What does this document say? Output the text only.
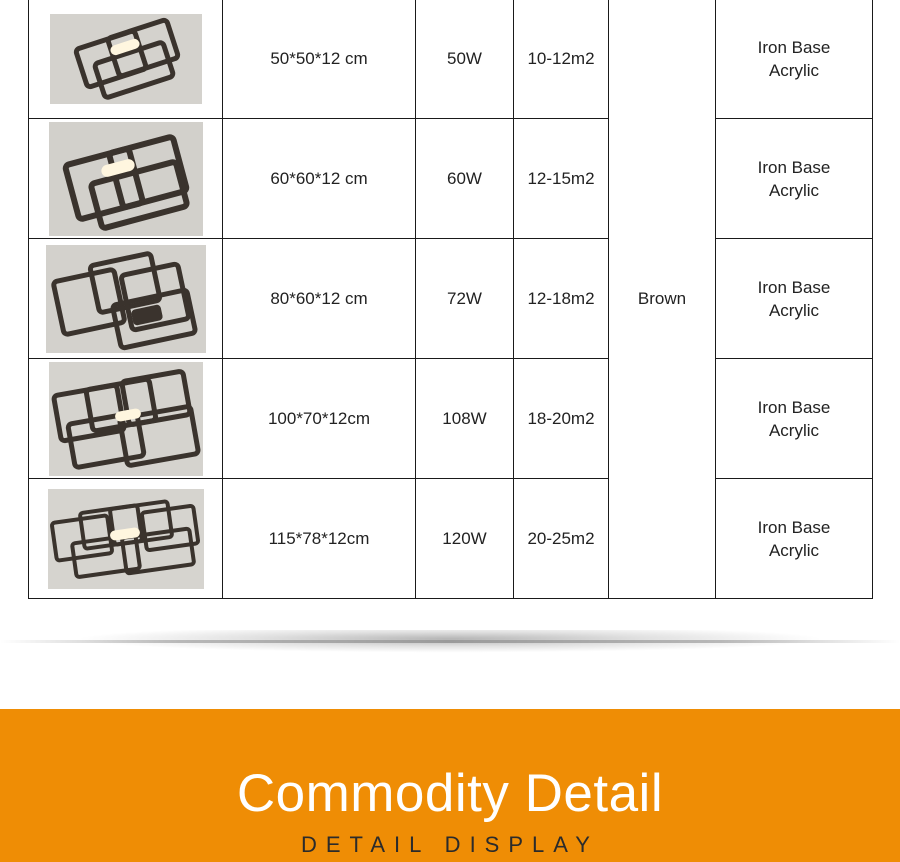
	50*50*12 cm	50W	10-12m2	Brown	Iron Base
Acrylic

	60*60*12 cm	60W	12-15m2		Iron Base
Acrylic

	80*60*12 cm	72W	12-18m2		Iron Base
Acrylic

	100*70*12cm	108W	18-20m2		Iron Base
Acrylic

	115*78*12cm	120W	20-25m2		Iron Base
Acrylic
Commodity Detail
DETAIL DISPLAY
